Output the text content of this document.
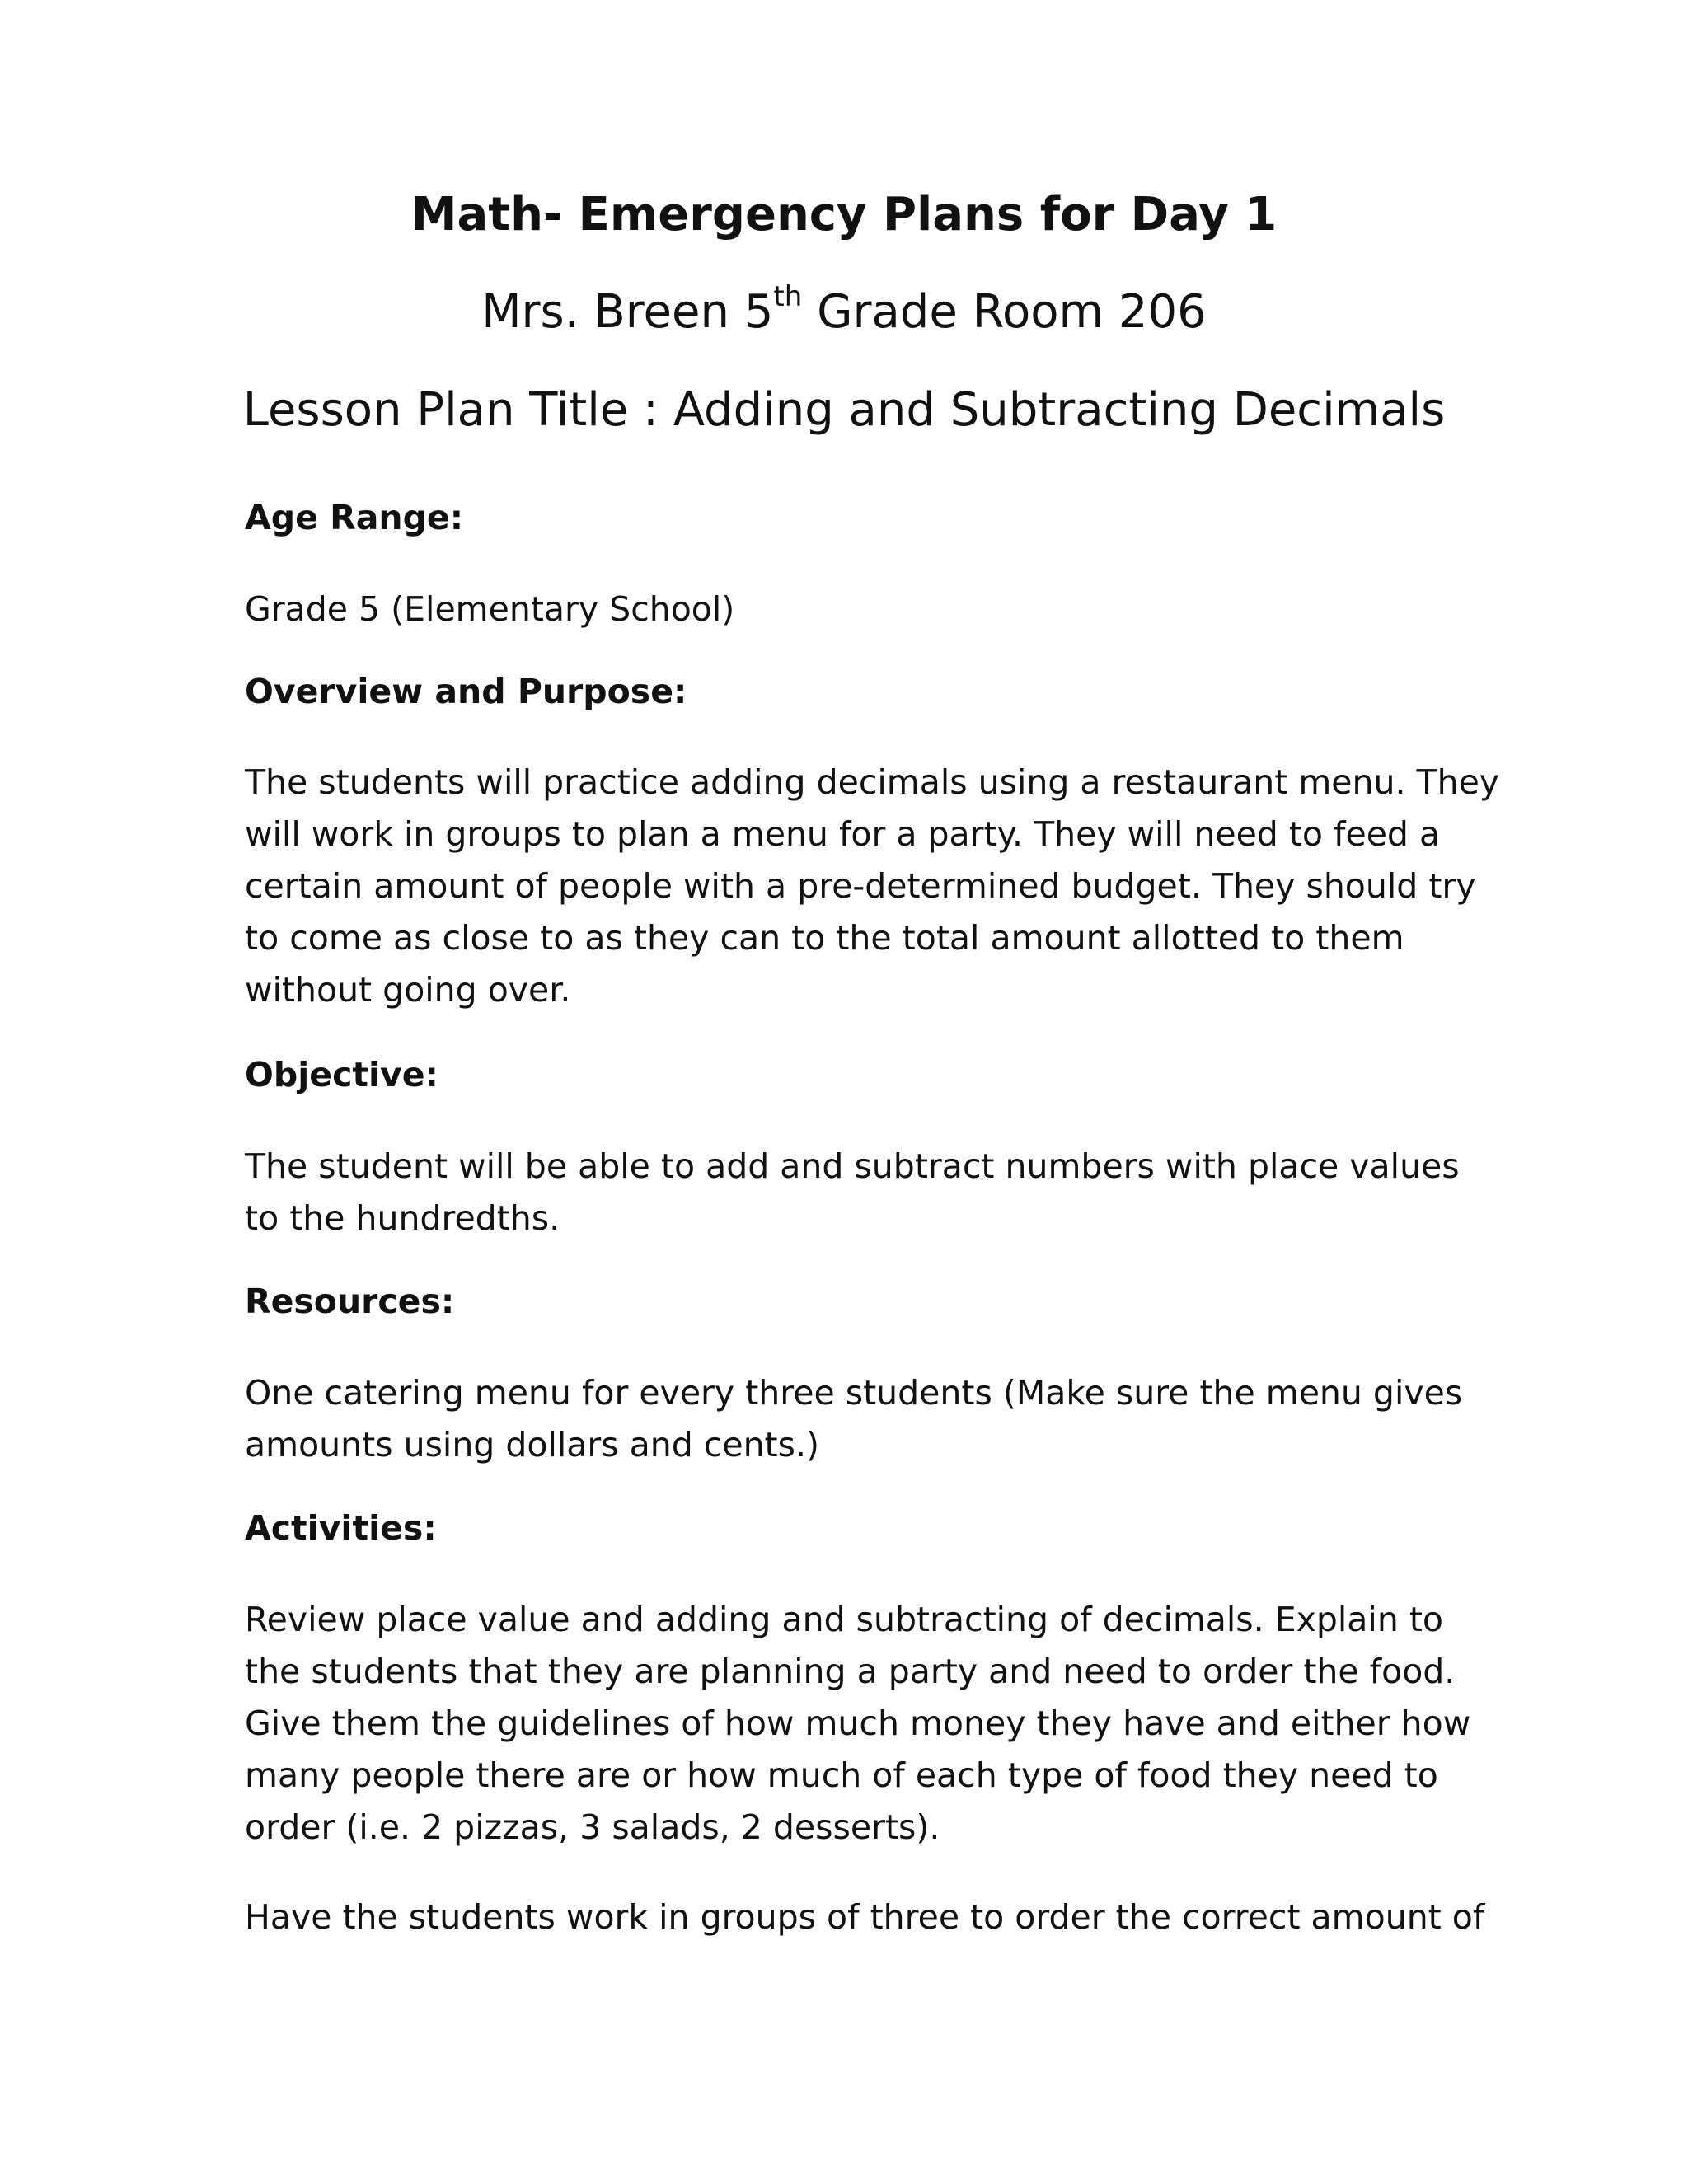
Math- Emergency Plans for Day 1
Mrs. Breen 5th Grade Room 206
Lesson Plan Title : Adding and Subtracting Decimals
Age Range:
Grade 5 (Elementary School)
Overview and Purpose:
The students will practice adding decimals using a restaurant menu. They
will work in groups to plan a menu for a party. They will need to feed a
certain amount of people with a pre-determined budget. They should try
to come as close to as they can to the total amount allotted to them
without going over.
Objective:
The student will be able to add and subtract numbers with place values
to the hundredths.
Resources:
One catering menu for every three students (Make sure the menu gives
amounts using dollars and cents.)
Activities:
Review place value and adding and subtracting of decimals. Explain to
the students that they are planning a party and need to order the food.
Give them the guidelines of how much money they have and either how
many people there are or how much of each type of food they need to
order (i.e. 2 pizzas, 3 salads, 2 desserts).
Have the students work in groups of three to order the correct amount of
